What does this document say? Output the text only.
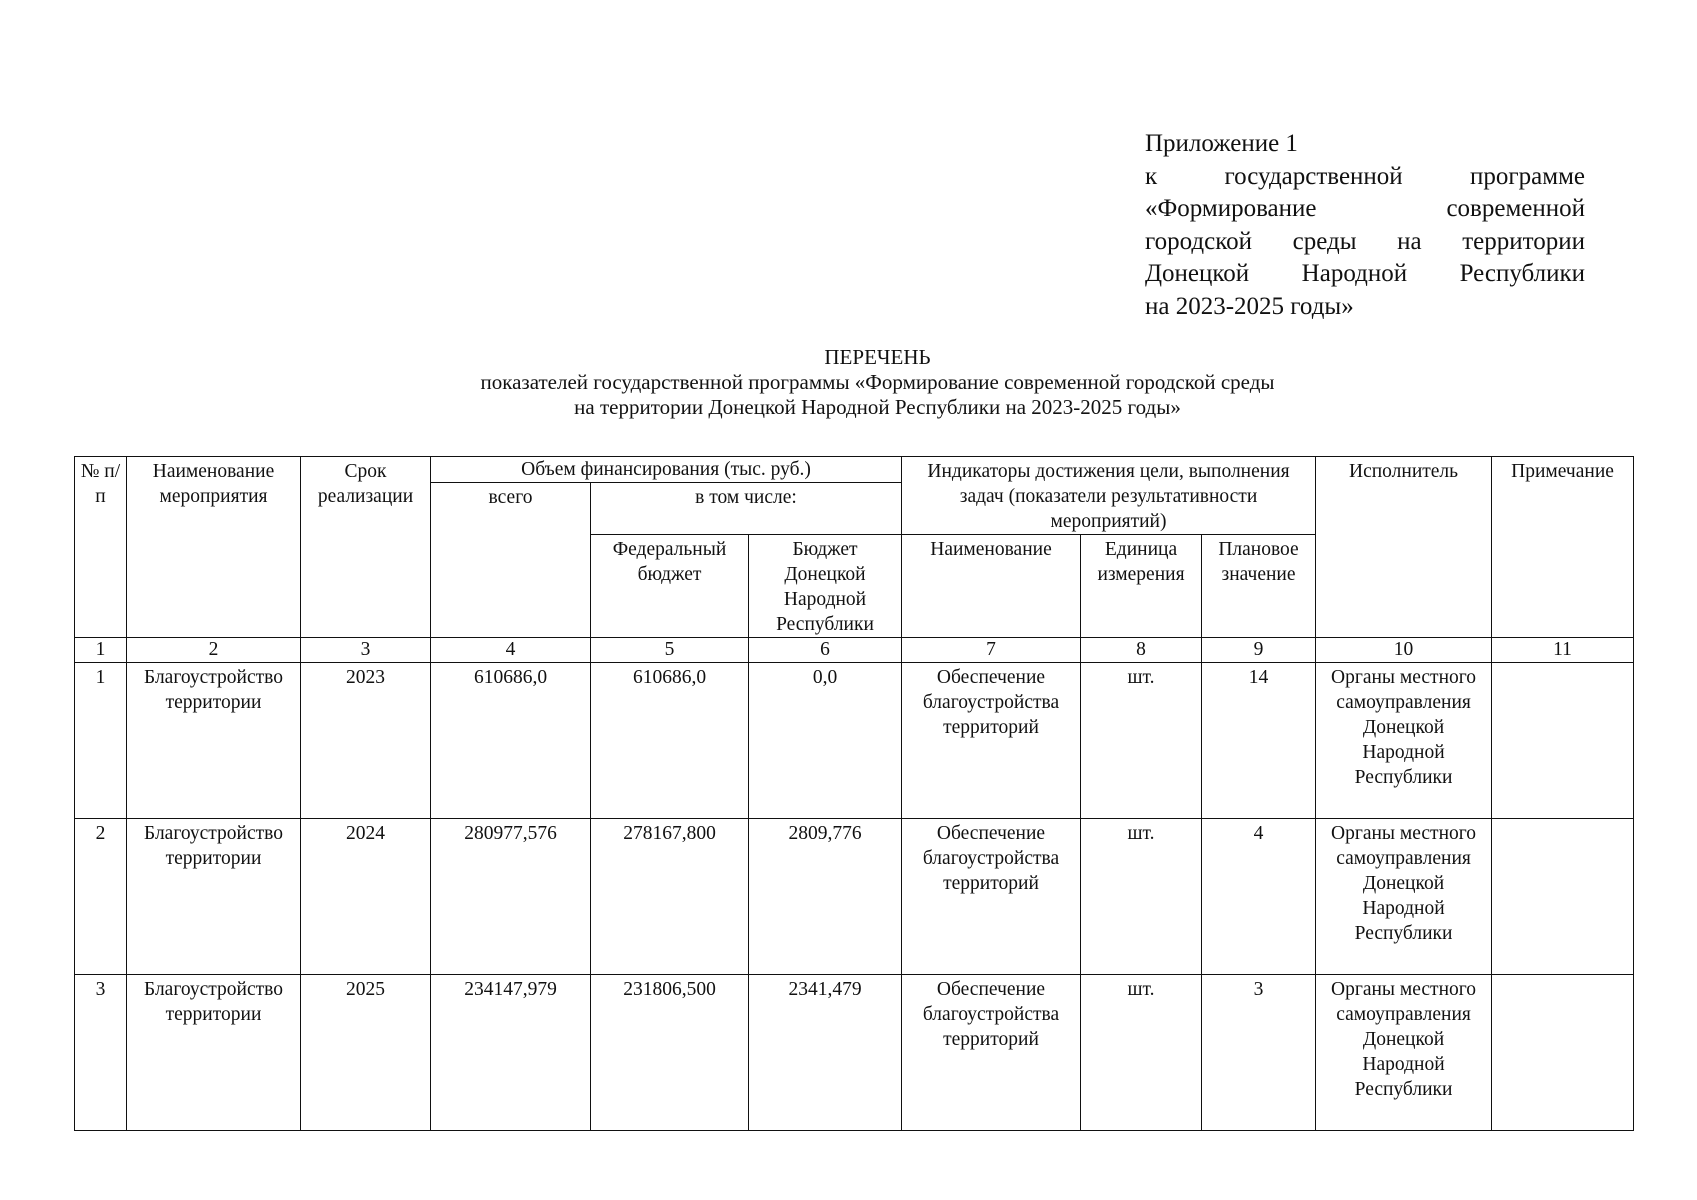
Приложение 1
к государственной программе
«Формирование современной
городской среды на территории
Донецкой Народной Республики
на 2023-2025 годы»
ПЕРЕЧЕНЬ
показателей государственной программы «Формирование современной городской среды
на территории Донецкой Народной Республики на 2023-2025 годы»
№ п/п	Наименование мероприятия	Срок реализации	Объем финансирования (тыс. руб.)			Индикаторы достижения цели, выполнения задач (показатели результативности мероприятий)			Исполнитель	Примечание
			всего	в том числе:						
				Федеральный бюджет	Бюджет Донецкой Народной Республики	Наименование	Единица измерения	Плановое значение		
1	2	3	4	5	6	7	8	9	10	11
1	Благоустройство территории	2023	610686,0	610686,0	0,0	Обеспечение благоустройства территорий	шт.	14	Органы местного самоуправления Донецкой Народной Республики	
2	Благоустройство территории	2024	280977,576	278167,800	2809,776	Обеспечение благоустройства территорий	шт.	4	Органы местного самоуправления Донецкой Народной Республики	
3	Благоустройство территории	2025	234147,979	231806,500	2341,479	Обеспечение благоустройства территорий	шт.	3	Органы местного самоуправления Донецкой Народной Республики	
